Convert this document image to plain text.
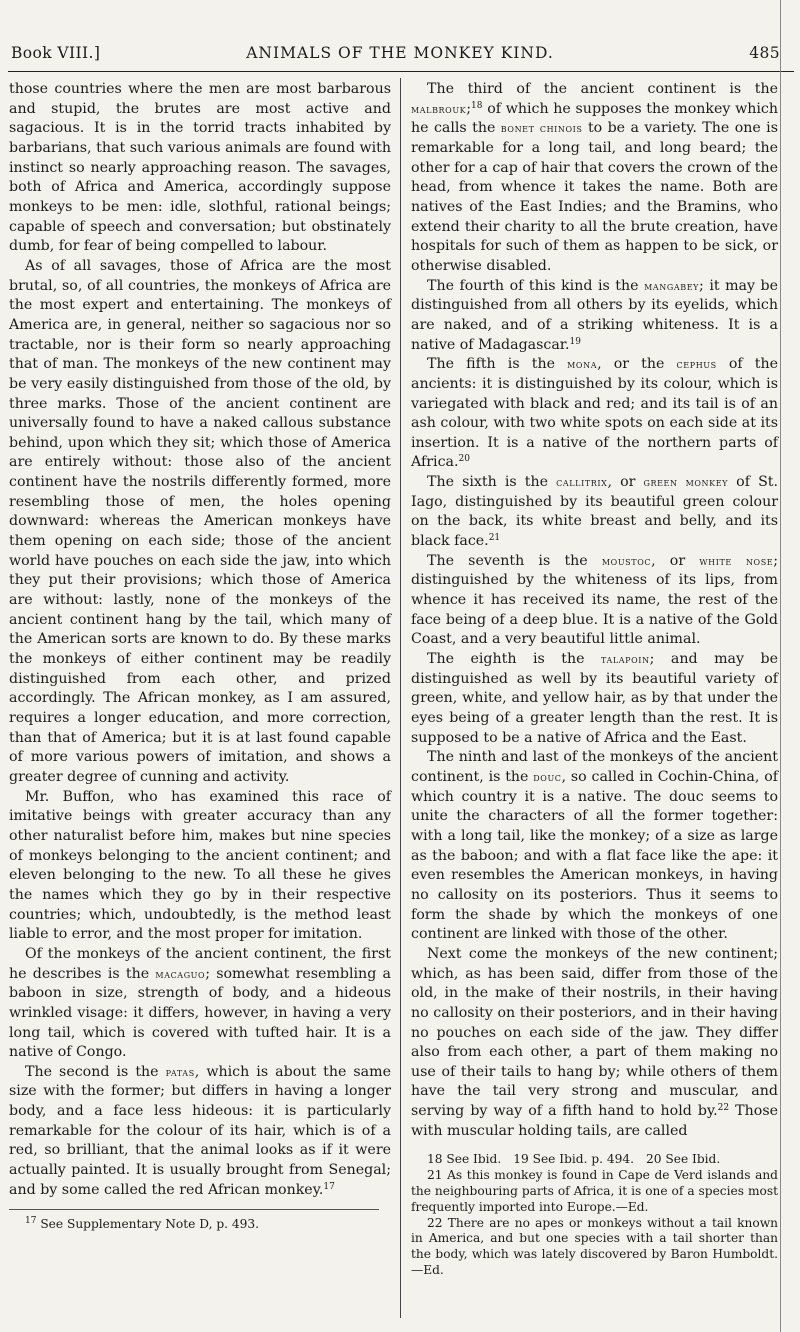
Book VIII.]	ANIMALS OF THE MONKEY KIND.	485

those countries where the men are most barbarous and stupid, the brutes are most active and sagacious. It is in the torrid tracts inhabited by barbarians, that such various animals are found with instinct so nearly approaching reason. The savages, both of Africa and America, accordingly suppose monkeys to be men: idle, slothful, rational beings; capable of speech and conversation; but obstinately dumb, for fear of being compelled to labour.

As of all savages, those of Africa are the most brutal, so, of all countries, the monkeys of Africa are the most expert and entertaining. The monkeys of America are, in general, neither so sagacious nor so tractable, nor is their form so nearly approaching that of man. The monkeys of the new continent may be very easily distinguished from those of the old, by three marks. Those of the ancient continent are universally found to have a naked callous substance behind, upon which they sit; which those of America are entirely without: those also of the ancient continent have the nostrils differently formed, more resembling those of men, the holes opening downward: whereas the American monkeys have them opening on each side; those of the ancient world have pouches on each side the jaw, into which they put their provisions; which those of America are without: lastly, none of the monkeys of the ancient continent hang by the tail, which many of the American sorts are known to do. By these marks the monkeys of either continent may be readily distinguished from each other, and prized accordingly. The African monkey, as I am assured, requires a longer education, and more correction, than that of America; but it is at last found capable of more various powers of imitation, and shows a greater degree of cunning and activity.

Mr. Buffon, who has examined this race of imitative beings with greater accuracy than any other naturalist before him, makes but nine species of monkeys belonging to the ancient continent; and eleven belonging to the new. To all these he gives the names which they go by in their respective countries; which, undoubtedly, is the method least liable to error, and the most proper for imitation.

Of the monkeys of the ancient continent, the first he describes is the macaguo; somewhat resembling a baboon in size, strength of body, and a hideous wrinkled visage: it differs, however, in having a very long tail, which is covered with tufted hair. It is a native of Congo.

The second is the patas, which is about the same size with the former; but differs in having a longer body, and a face less hideous: it is particularly remarkable for the colour of its hair, which is of a red, so brilliant, that the animal looks as if it were actually painted. It is usually brought from Senegal; and by some called the red African monkey.$^{17}$

$^{17}$ See Supplementary Note D, p. 493.

The third of the ancient continent is the malbrouk;$^{18}$ of which he supposes the monkey which he calls the bonet chinois to be a variety. The one is remarkable for a long tail, and long beard; the other for a cap of hair that covers the crown of the head, from whence it takes the name. Both are natives of the East Indies; and the Bramins, who extend their charity to all the brute creation, have hospitals for such of them as happen to be sick, or otherwise disabled.

The fourth of this kind is the mangabey; it may be distinguished from all others by its eyelids, which are naked, and of a striking whiteness. It is a native of Madagascar.$^{19}$

The fifth is the mona, or the cephus of the ancients: it is distinguished by its colour, which is variegated with black and red; and its tail is of an ash colour, with two white spots on each side at its insertion. It is a native of the northern parts of Africa.$^{20}$

The sixth is the callitrix, or green monkey of St. Iago, distinguished by its beautiful green colour on the back, its white breast and belly, and its black face.$^{21}$

The seventh is the moustoc, or white nose; distinguished by the whiteness of its lips, from whence it has received its name, the rest of the face being of a deep blue. It is a native of the Gold Coast, and a very beautiful little animal.

The eighth is the talapoin; and may be distinguished as well by its beautiful variety of green, white, and yellow hair, as by that under the eyes being of a greater length than the rest. It is supposed to be a native of Africa and the East.

The ninth and last of the monkeys of the ancient continent, is the douc, so called in Cochin-China, of which country it is a native. The douc seems to unite the characters of all the former together: with a long tail, like the monkey; of a size as large as the baboon; and with a flat face like the ape: it even resembles the American monkeys, in having no callosity on its posteriors. Thus it seems to form the shade by which the monkeys of one continent are linked with those of the other.

Next come the monkeys of the new continent; which, as has been said, differ from those of the old, in the make of their nostrils, in their having no callosity on their posteriors, and in their having no pouches on each side of the jaw. They differ also from each other, a part of them making no use of their tails to hang by; while others of them have the tail very strong and muscular, and serving by way of a fifth hand to hold by.$^{22}$ Those with muscular holding tails, are called

18 See Ibid. 19 See Ibid. p. 494. 20 See Ibid.

21 As this monkey is found in Cape de Verd islands and the neighbouring parts of Africa, it is one of a species most frequently imported into Europe.—Ed.

22 There are no apes or monkeys without a tail known in America, and but one species with a tail shorter than the body, which was lately discovered by Baron Humboldt.—Ed.
